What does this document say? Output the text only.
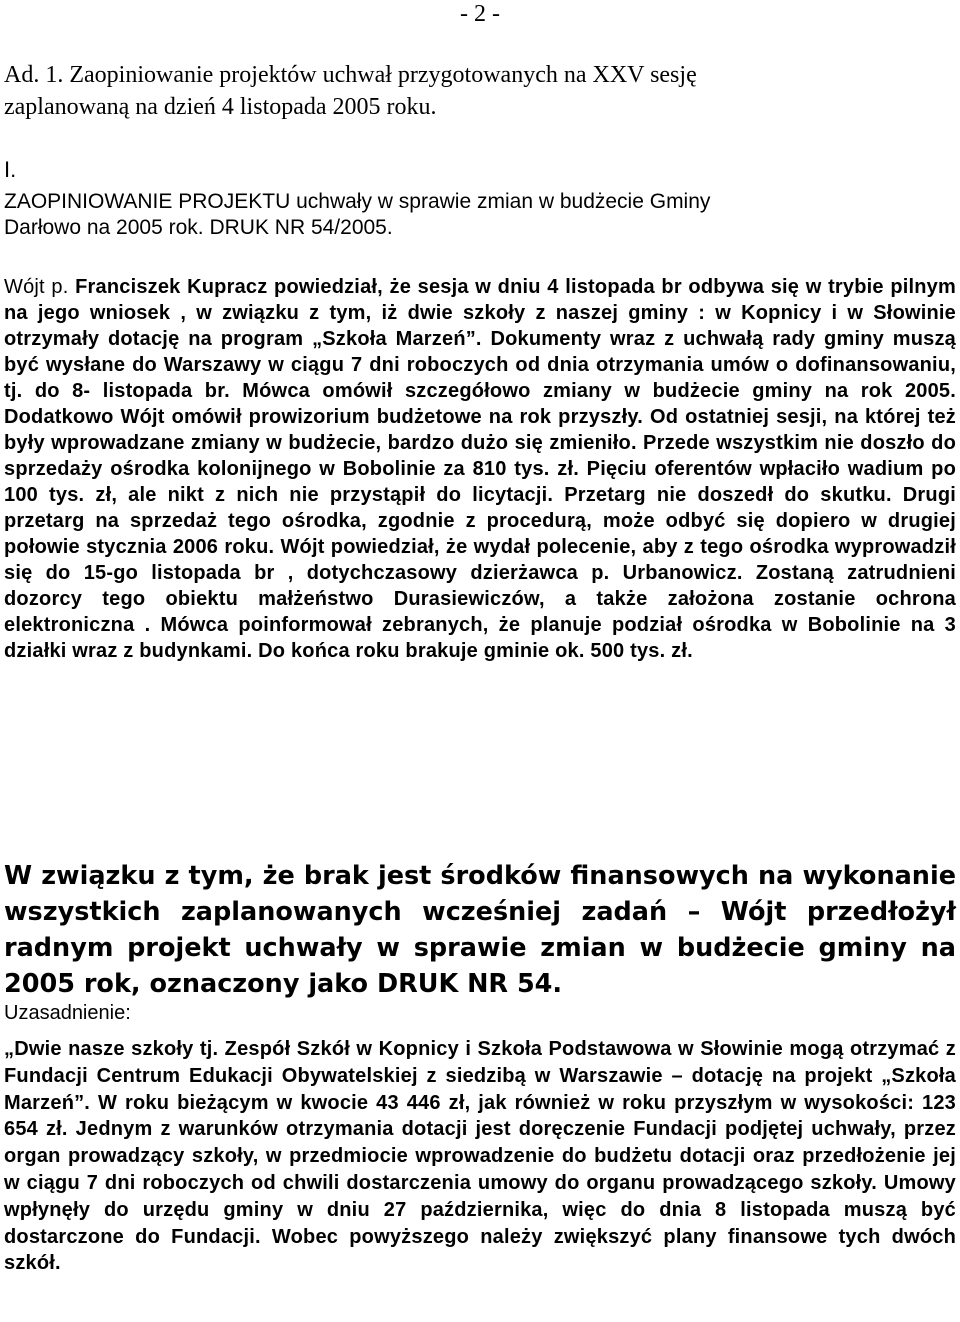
- 2 -
Ad. 1. Zaopiniowanie projektów uchwał przygotowanych na XXV sesję
zaplanowaną na dzień 4 listopada 2005 roku.
I.
ZAOPINIOWANIE PROJEKTU uchwały w sprawie zmian w budżecie Gminy
Darłowo na 2005 rok. DRUK NR 54/2005.
Wójt p. Franciszek Kupracz powiedział, że sesja w dniu 4 listopada br odbywa się w trybie pilnym na jego wniosek , w związku z tym, iż dwie szkoły z naszej gminy : w Kopnicy i w Słowinie otrzymały dotację na program „Szkoła Marzeń”. Dokumenty wraz z uchwałą rady gminy muszą być wysłane do Warszawy w ciągu 7 dni roboczych od dnia otrzymania umów o dofinansowaniu, tj. do 8- listopada br. Mówca omówił szczegółowo zmiany w budżecie gminy na rok 2005. Dodatkowo Wójt omówił prowizorium budżetowe na rok przyszły. Od ostatniej sesji, na której też były wprowadzane zmiany w budżecie, bardzo dużo się zmieniło. Przede wszystkim nie doszło do sprzedaży ośrodka kolonijnego w Bobolinie za 810 tys. zł. Pięciu oferentów wpłaciło wadium po 100 tys. zł, ale nikt z nich nie przystąpił do licytacji. Przetarg nie doszedł do skutku. Drugi przetarg na sprzedaż tego ośrodka, zgodnie z procedurą, może odbyć się dopiero w drugiej połowie stycznia 2006 roku. Wójt powiedział, że wydał polecenie, aby z tego ośrodka wyprowadził się do 15-go listopada br , dotychczasowy dzierżawca p. Urbanowicz. Zostaną zatrudnieni dozorcy tego obiektu małżeństwo Durasiewiczów, a także założona zostanie ochrona elektroniczna . Mówca poinformował zebranych, że planuje podział ośrodka w Bobolinie na 3 działki wraz z budynkami. Do końca roku brakuje gminie ok. 500 tys. zł.
W związku z tym, że brak jest środków finansowych na wykonanie wszystkich zaplanowanych wcześniej zadań – Wójt przedłożył radnym projekt uchwały w sprawie zmian w budżecie gminy na 2005 rok, oznaczony jako DRUK NR 54.
Uzasadnienie:
„Dwie nasze szkoły tj. Zespół Szkół w Kopnicy i Szkoła Podstawowa w Słowinie mogą otrzymać z Fundacji Centrum Edukacji Obywatelskiej z siedzibą w Warszawie – dotację na projekt „Szkoła Marzeń”. W roku bieżącym w kwocie 43 446 zł, jak również w roku przyszłym w wysokości: 123 654 zł. Jednym z warunków otrzymania dotacji jest doręczenie Fundacji podjętej uchwały, przez organ prowadzący szkoły, w przedmiocie wprowadzenie do budżetu dotacji oraz przedłożenie jej w ciągu 7 dni roboczych od chwili dostarczenia umowy do organu prowadzącego szkoły. Umowy wpłynęły do urzędu gminy w dniu 27 października, więc do dnia 8 listopada muszą być dostarczone do Fundacji. Wobec powyższego należy zwiększyć plany finansowe tych dwóch szkół.
